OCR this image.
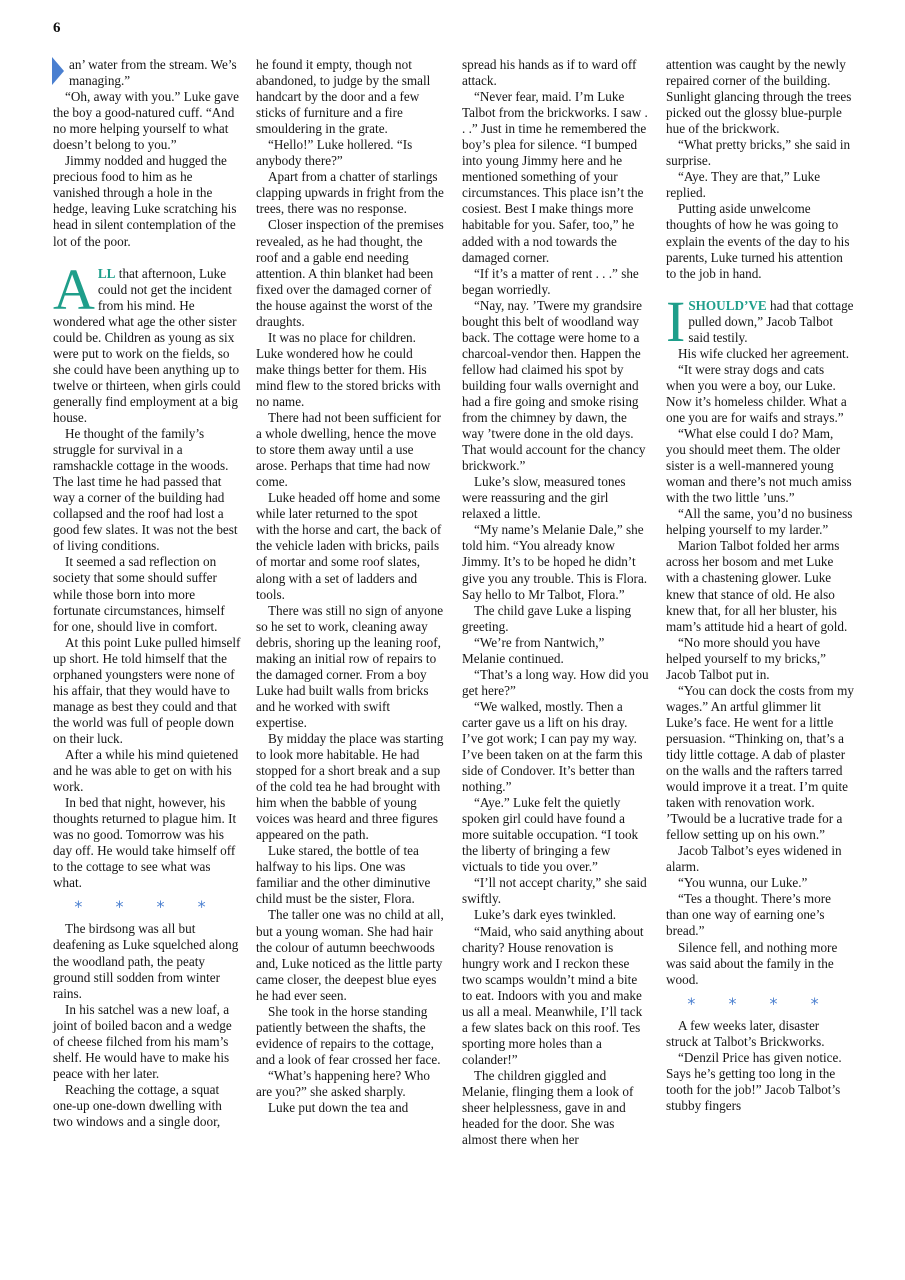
6

an’ water from the stream. We’s managing.”

“Oh, away with you.” Luke gave the boy a good-natured cuff. “And no more helping yourself to what doesn’t belong to you.”

Jimmy nodded and hugged the precious food to him as he vanished through a hole in the hedge, leaving Luke scratching his head in silent contemplation of the lot of the poor.

ALL that afternoon, Luke could not get the incident from his mind. He wondered what age the other sister could be. Children as young as six were put to work on the fields, so she could have been anything up to twelve or thirteen, when girls could generally find employment at a big house.

He thought of the family’s struggle for survival in a ramshackle cottage in the woods. The last time he had passed that way a corner of the building had collapsed and the roof had lost a good few slates. It was not the best of living conditions.

It seemed a sad reflection on society that some should suffer while those born into more fortunate circumstances, himself for one, should live in comfort.

At this point Luke pulled himself up short. He told himself that the orphaned youngsters were none of his affair, that they would have to manage as best they could and that the world was full of people down on their luck.

After a while his mind quietened and he was able to get on with his work.

In bed that night, however, his thoughts returned to plague him. It was no good. Tomorrow was his day off. He would take himself off to the cottage to see what was what.

* * * *

The birdsong was all but deafening as Luke squelched along the woodland path, the peaty ground still sodden from winter rains.

In his satchel was a new loaf, a joint of boiled bacon and a wedge of cheese filched from his mam’s shelf. He would have to make his peace with her later.

Reaching the cottage, a squat one-up one-down dwelling with two windows and a single door,

he found it empty, though not abandoned, to judge by the small handcart by the door and a few sticks of furniture and a fire smouldering in the grate.

“Hello!” Luke hollered. “Is anybody there?”

Apart from a chatter of starlings clapping upwards in fright from the trees, there was no response.

Closer inspection of the premises revealed, as he had thought, the roof and a gable end needing attention. A thin blanket had been fixed over the damaged corner of the house against the worst of the draughts.

It was no place for children. Luke wondered how he could make things better for them. His mind flew to the stored bricks with no name.

There had not been sufficient for a whole dwelling, hence the move to store them away until a use arose. Perhaps that time had now come.

Luke headed off home and some while later returned to the spot with the horse and cart, the back of the vehicle laden with bricks, pails of mortar and some roof slates, along with a set of ladders and tools.

There was still no sign of anyone so he set to work, cleaning away debris, shoring up the leaning roof, making an initial row of repairs to the damaged corner. From a boy Luke had built walls from bricks and he worked with swift expertise.

By midday the place was starting to look more habitable. He had stopped for a short break and a sup of the cold tea he had brought with him when the babble of young voices was heard and three figures appeared on the path.

Luke stared, the bottle of tea halfway to his lips. One was familiar and the other diminutive child must be the sister, Flora.

The taller one was no child at all, but a young woman. She had hair the colour of autumn beechwoods and, Luke noticed as the little party came closer, the deepest blue eyes he had ever seen.

She took in the horse standing patiently between the shafts, the evidence of repairs to the cottage, and a look of fear crossed her face.

“What’s happening here? Who are you?” she asked sharply.

Luke put down the tea and

spread his hands as if to ward off attack.

“Never fear, maid. I’m Luke Talbot from the brickworks. I saw . . .” Just in time he remembered the boy’s plea for silence. “I bumped into young Jimmy here and he mentioned something of your circumstances. This place isn’t the cosiest. Best I make things more habitable for you. Safer, too,” he added with a nod towards the damaged corner.

“If it’s a matter of rent . . .” she began worriedly.

“Nay, nay. ’Twere my grandsire bought this belt of woodland way back. The cottage were home to a charcoal-vendor then. Happen the fellow had claimed his spot by building four walls overnight and had a fire going and smoke rising from the chimney by dawn, the way ’twere done in the old days. That would account for the chancy brickwork.”

Luke’s slow, measured tones were reassuring and the girl relaxed a little.

“My name’s Melanie Dale,” she told him. “You already know Jimmy. It’s to be hoped he didn’t give you any trouble. This is Flora. Say hello to Mr Talbot, Flora.”

The child gave Luke a lisping greeting.

“We’re from Nantwich,” Melanie continued.

“That’s a long way. How did you get here?”

“We walked, mostly. Then a carter gave us a lift on his dray. I’ve got work; I can pay my way. I’ve been taken on at the farm this side of Condover. It’s better than nothing.”

“Aye.” Luke felt the quietly spoken girl could have found a more suitable occupation. “I took the liberty of bringing a few victuals to tide you over.”

“I’ll not accept charity,” she said swiftly.

Luke’s dark eyes twinkled.

“Maid, who said anything about charity? House renovation is hungry work and I reckon these two scamps wouldn’t mind a bite to eat. Indoors with you and make us all a meal. Meanwhile, I’ll tack a few slates back on this roof. Tes sporting more holes than a colander!”

The children giggled and Melanie, flinging them a look of sheer helplessness, gave in and headed for the door. She was almost there when her

attention was caught by the newly repaired corner of the building. Sunlight glancing through the trees picked out the glossy blue-purple hue of the brickwork.

“What pretty bricks,” she said in surprise.

“Aye. They are that,” Luke replied.

Putting aside unwelcome thoughts of how he was going to explain the events of the day to his parents, Luke turned his attention to the job in hand.

ISHOULD’VE had that cottage pulled down,” Jacob Talbot said testily.

His wife clucked her agreement.

“It were stray dogs and cats when you were a boy, our Luke. Now it’s homeless childer. What a one you are for waifs and strays.”

“What else could I do? Mam, you should meet them. The older sister is a well-mannered young woman and there’s not much amiss with the two little ’uns.”

“All the same, you’d no business helping yourself to my larder.”

Marion Talbot folded her arms across her bosom and met Luke with a chastening glower. Luke knew that stance of old. He also knew that, for all her bluster, his mam’s attitude hid a heart of gold.

“No more should you have helped yourself to my bricks,” Jacob Talbot put in.

“You can dock the costs from my wages.” An artful glimmer lit Luke’s face. He went for a little persuasion. “Thinking on, that’s a tidy little cottage. A dab of plaster on the walls and the rafters tarred would improve it a treat. I’m quite taken with renovation work. ’Twould be a lucrative trade for a fellow setting up on his own.”

Jacob Talbot’s eyes widened in alarm.

“You wunna, our Luke.”

“Tes a thought. There’s more than one way of earning one’s bread.”

Silence fell, and nothing more was said about the family in the wood.

* * * *

A few weeks later, disaster struck at Talbot’s Brickworks.

“Denzil Price has given notice. Says he’s getting too long in the tooth for the job!” Jacob Talbot’s stubby fingers
